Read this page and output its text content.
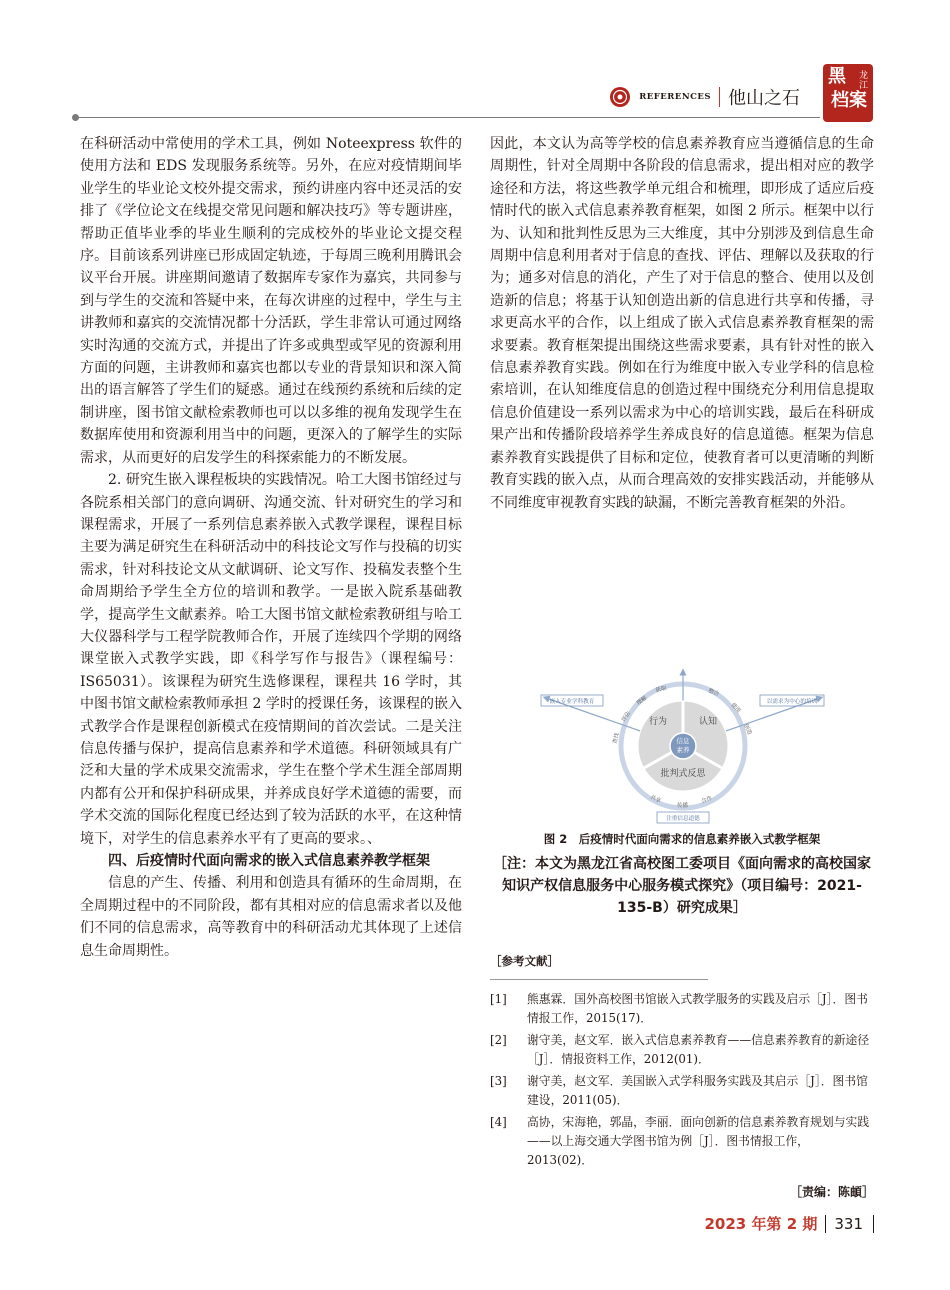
REFERENCES 他山之石
黑 龙江
档案

在科研活动中常使用的学术工具，例如 Noteexpress 软件的使用方法和 EDS 发现服务系统等。另外，在应对疫情期间毕业学生的毕业论文校外提交需求，预约讲座内容中还灵活的安排了《学位论文在线提交常见问题和解决技巧》等专题讲座，帮助正值毕业季的毕业生顺利的完成校外的毕业论文提交程序。目前该系列讲座已形成固定轨迹，于每周三晚利用腾讯会议平台开展。讲座期间邀请了数据库专家作为嘉宾，共同参与到与学生的交流和答疑中来，在每次讲座的过程中，学生与主讲教师和嘉宾的交流情况都十分活跃，学生非常认可通过网络实时沟通的交流方式，并提出了许多或典型或罕见的资源利用方面的问题，主讲教师和嘉宾也都以专业的背景知识和深入简出的语言解答了学生们的疑惑。通过在线预约系统和后续的定制讲座，图书馆文献检索教师也可以以多维的视角发现学生在数据库使用和资源利用当中的问题，更深入的了解学生的实际需求，从而更好的启发学生的科探索能力的不断发展。

2. 研究生嵌入课程板块的实践情况。哈工大图书馆经过与各院系相关部门的意向调研、沟通交流、针对研究生的学习和课程需求，开展了一系列信息素养嵌入式教学课程，课程目标主要为满足研究生在科研活动中的科技论文写作与投稿的切实需求，针对科技论文从文献调研、论文写作、投稿发表整个生命周期给予学生全方位的培训和教学。一是嵌入院系基础教学，提高学生文献素养。哈工大图书馆文献检索教研组与哈工大仪器科学与工程学院教师合作，开展了连续四个学期的网络课堂嵌入式教学实践，即《科学写作与报告》（课程编号：IS65031）。该课程为研究生选修课程，课程共 16 学时，其中图书馆文献检索教师承担 2 学时的授课任务，该课程的嵌入式教学合作是课程创新模式在疫情期间的首次尝试。二是关注信息传播与保护，提高信息素养和学术道德。科研领域具有广泛和大量的学术成果交流需求，学生在整个学术生涯全部周期内都有公开和保护科研成果，并养成良好学术道德的需要，而学术交流的国际化程度已经达到了较为活跃的水平，在这种情境下，对学生的信息素养水平有了更高的要求。、

四、后疫情时代面向需求的嵌入式信息素养教学框架

信息的产生、传播、利用和创造具有循环的生命周期，在全周期过程中的不同阶段，都有其相对应的信息需求者以及他们不同的信息需求，高等教育中的科研活动尤其体现了上述信息生命周期性。

因此，本文认为高等学校的信息素养教育应当遵循信息的生命周期性，针对全周期中各阶段的信息需求，提出相对应的教学途径和方法，将这些教学单元组合和梳理，即形成了适应后疫情时代的嵌入式信息素养教育框架，如图 2 所示。框架中以行为、认知和批判性反思为三大维度，其中分别涉及到信息生命周期中信息利用者对于信息的查找、评估、理解以及获取的行为；通多对信息的消化，产生了对于信息的整合、使用以及创造新的信息；将基于认知创造出新的信息进行共享和传播，寻求更高水平的合作，以上组成了嵌入式信息素养教育框架的需求要素。教育框架提出围绕这些需求要素，具有针对性的嵌入信息素养教育实践。例如在行为维度中嵌入专业学科的信息检索培训，在认知维度信息的创造过程中围绕充分利用信息提取信息价值建设一系列以需求为中心的培训实践，最后在科研成果产出和传播阶段培养学生养成良好的信息道德。框架为信息素养教育实践提供了目标和定位，使教育者可以更清晰的判断教育实践的嵌入点，从而合理高效的安排实践活动，并能够从不同维度审视教育实践的缺漏，不断完善教育框架的外沿。

信息
素养
行为	认知
批判式反思
查找
评估
理解
获取	整合
使用
创造
共享
传播
合作
嵌入专业学科教育	以需求为中心的培训
注重信息道德
图 2　后疫情时代面向需求的信息素养嵌入式教学框架
［注：本文为黑龙江省高校图工委项目《面向需求的高校国家知识产权信息服务中心服务模式探究》（项目编号：2021-135-B）研究成果］
［参考文献］
[1]	熊惠霖．国外高校图书馆嵌入式教学服务的实践及启示［J］．图书情报工作，2015(17)．
[2]	谢守美，赵文军．嵌入式信息素养教育——信息素养教育的新途径［J］．情报资料工作，2012(01)．
[3]	谢守美，赵文军．美国嵌入式学科服务实践及其启示［J］．图书馆建设，2011(05)．
[4]	高协，宋海艳，郭晶，李丽．面向创新的信息素养教育规划与实践——以上海交通大学图书馆为例［J］．图书情报工作，2013(02)．
［责编：陈頔］
2023 年第 2 期 331
